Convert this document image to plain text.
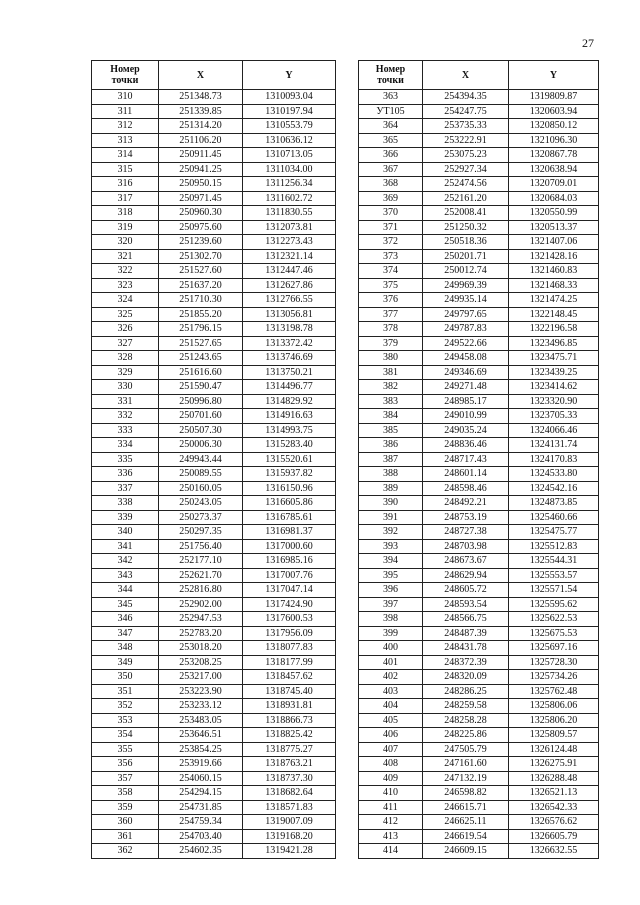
27
Номер
точки	X	Y
310	251348.73	1310093.04
311	251339.85	1310197.94
312	251314.20	1310553.79
313	251106.20	1310636.12
314	250911.45	1310713.05
315	250941.25	1311034.00
316	250950.15	1311256.34
317	250971.45	1311602.72
318	250960.30	1311830.55
319	250975.60	1312073.81
320	251239.60	1312273.43
321	251302.70	1312321.14
322	251527.60	1312447.46
323	251637.20	1312627.86
324	251710.30	1312766.55
325	251855.20	1313056.81
326	251796.15	1313198.78
327	251527.65	1313372.42
328	251243.65	1313746.69
329	251616.60	1313750.21
330	251590.47	1314496.77
331	250996.80	1314829.92
332	250701.60	1314916.63
333	250507.30	1314993.75
334	250006.30	1315283.40
335	249943.44	1315520.61
336	250089.55	1315937.82
337	250160.05	1316150.96
338	250243.05	1316605.86
339	250273.37	1316785.61
340	250297.35	1316981.37
341	251756.40	1317000.60
342	252177.10	1316985.16
343	252621.70	1317007.76
344	252816.80	1317047.14
345	252902.00	1317424.90
346	252947.53	1317600.53
347	252783.20	1317956.09
348	253018.20	1318077.83
349	253208.25	1318177.99
350	253217.00	1318457.62
351	253223.90	1318745.40
352	253233.12	1318931.81
353	253483.05	1318866.73
354	253646.51	1318825.42
355	253854.25	1318775.27
356	253919.66	1318763.21
357	254060.15	1318737.30
358	254294.15	1318682.64
359	254731.85	1318571.83
360	254759.34	1319007.09
361	254703.40	1319168.20
362	254602.35	1319421.28
Номер
точки	X	Y
363	254394.35	1319809.87
УТ105	254247.75	1320603.94
364	253735.33	1320850.12
365	253222.91	1321096.30
366	253075.23	1320867.78
367	252927.34	1320638.94
368	252474.56	1320709.01
369	252161.20	1320684.03
370	252008.41	1320550.99
371	251250.32	1320513.37
372	250518.36	1321407.06
373	250201.71	1321428.16
374	250012.74	1321460.83
375	249969.39	1321468.33
376	249935.14	1321474.25
377	249797.65	1322148.45
378	249787.83	1322196.58
379	249522.66	1323496.85
380	249458.08	1323475.71
381	249346.69	1323439.25
382	249271.48	1323414.62
383	248985.17	1323320.90
384	249010.99	1323705.33
385	249035.24	1324066.46
386	248836.46	1324131.74
387	248717.43	1324170.83
388	248601.14	1324533.80
389	248598.46	1324542.16
390	248492.21	1324873.85
391	248753.19	1325460.66
392	248727.38	1325475.77
393	248703.98	1325512.83
394	248673.67	1325544.31
395	248629.94	1325553.57
396	248605.72	1325571.54
397	248593.54	1325595.62
398	248566.75	1325622.53
399	248487.39	1325675.53
400	248431.78	1325697.16
401	248372.39	1325728.30
402	248320.09	1325734.26
403	248286.25	1325762.48
404	248259.58	1325806.06
405	248258.28	1325806.20
406	248225.86	1325809.57
407	247505.79	1326124.48
408	247161.60	1326275.91
409	247132.19	1326288.48
410	246598.82	1326521.13
411	246615.71	1326542.33
412	246625.11	1326576.62
413	246619.54	1326605.79
414	246609.15	1326632.55
